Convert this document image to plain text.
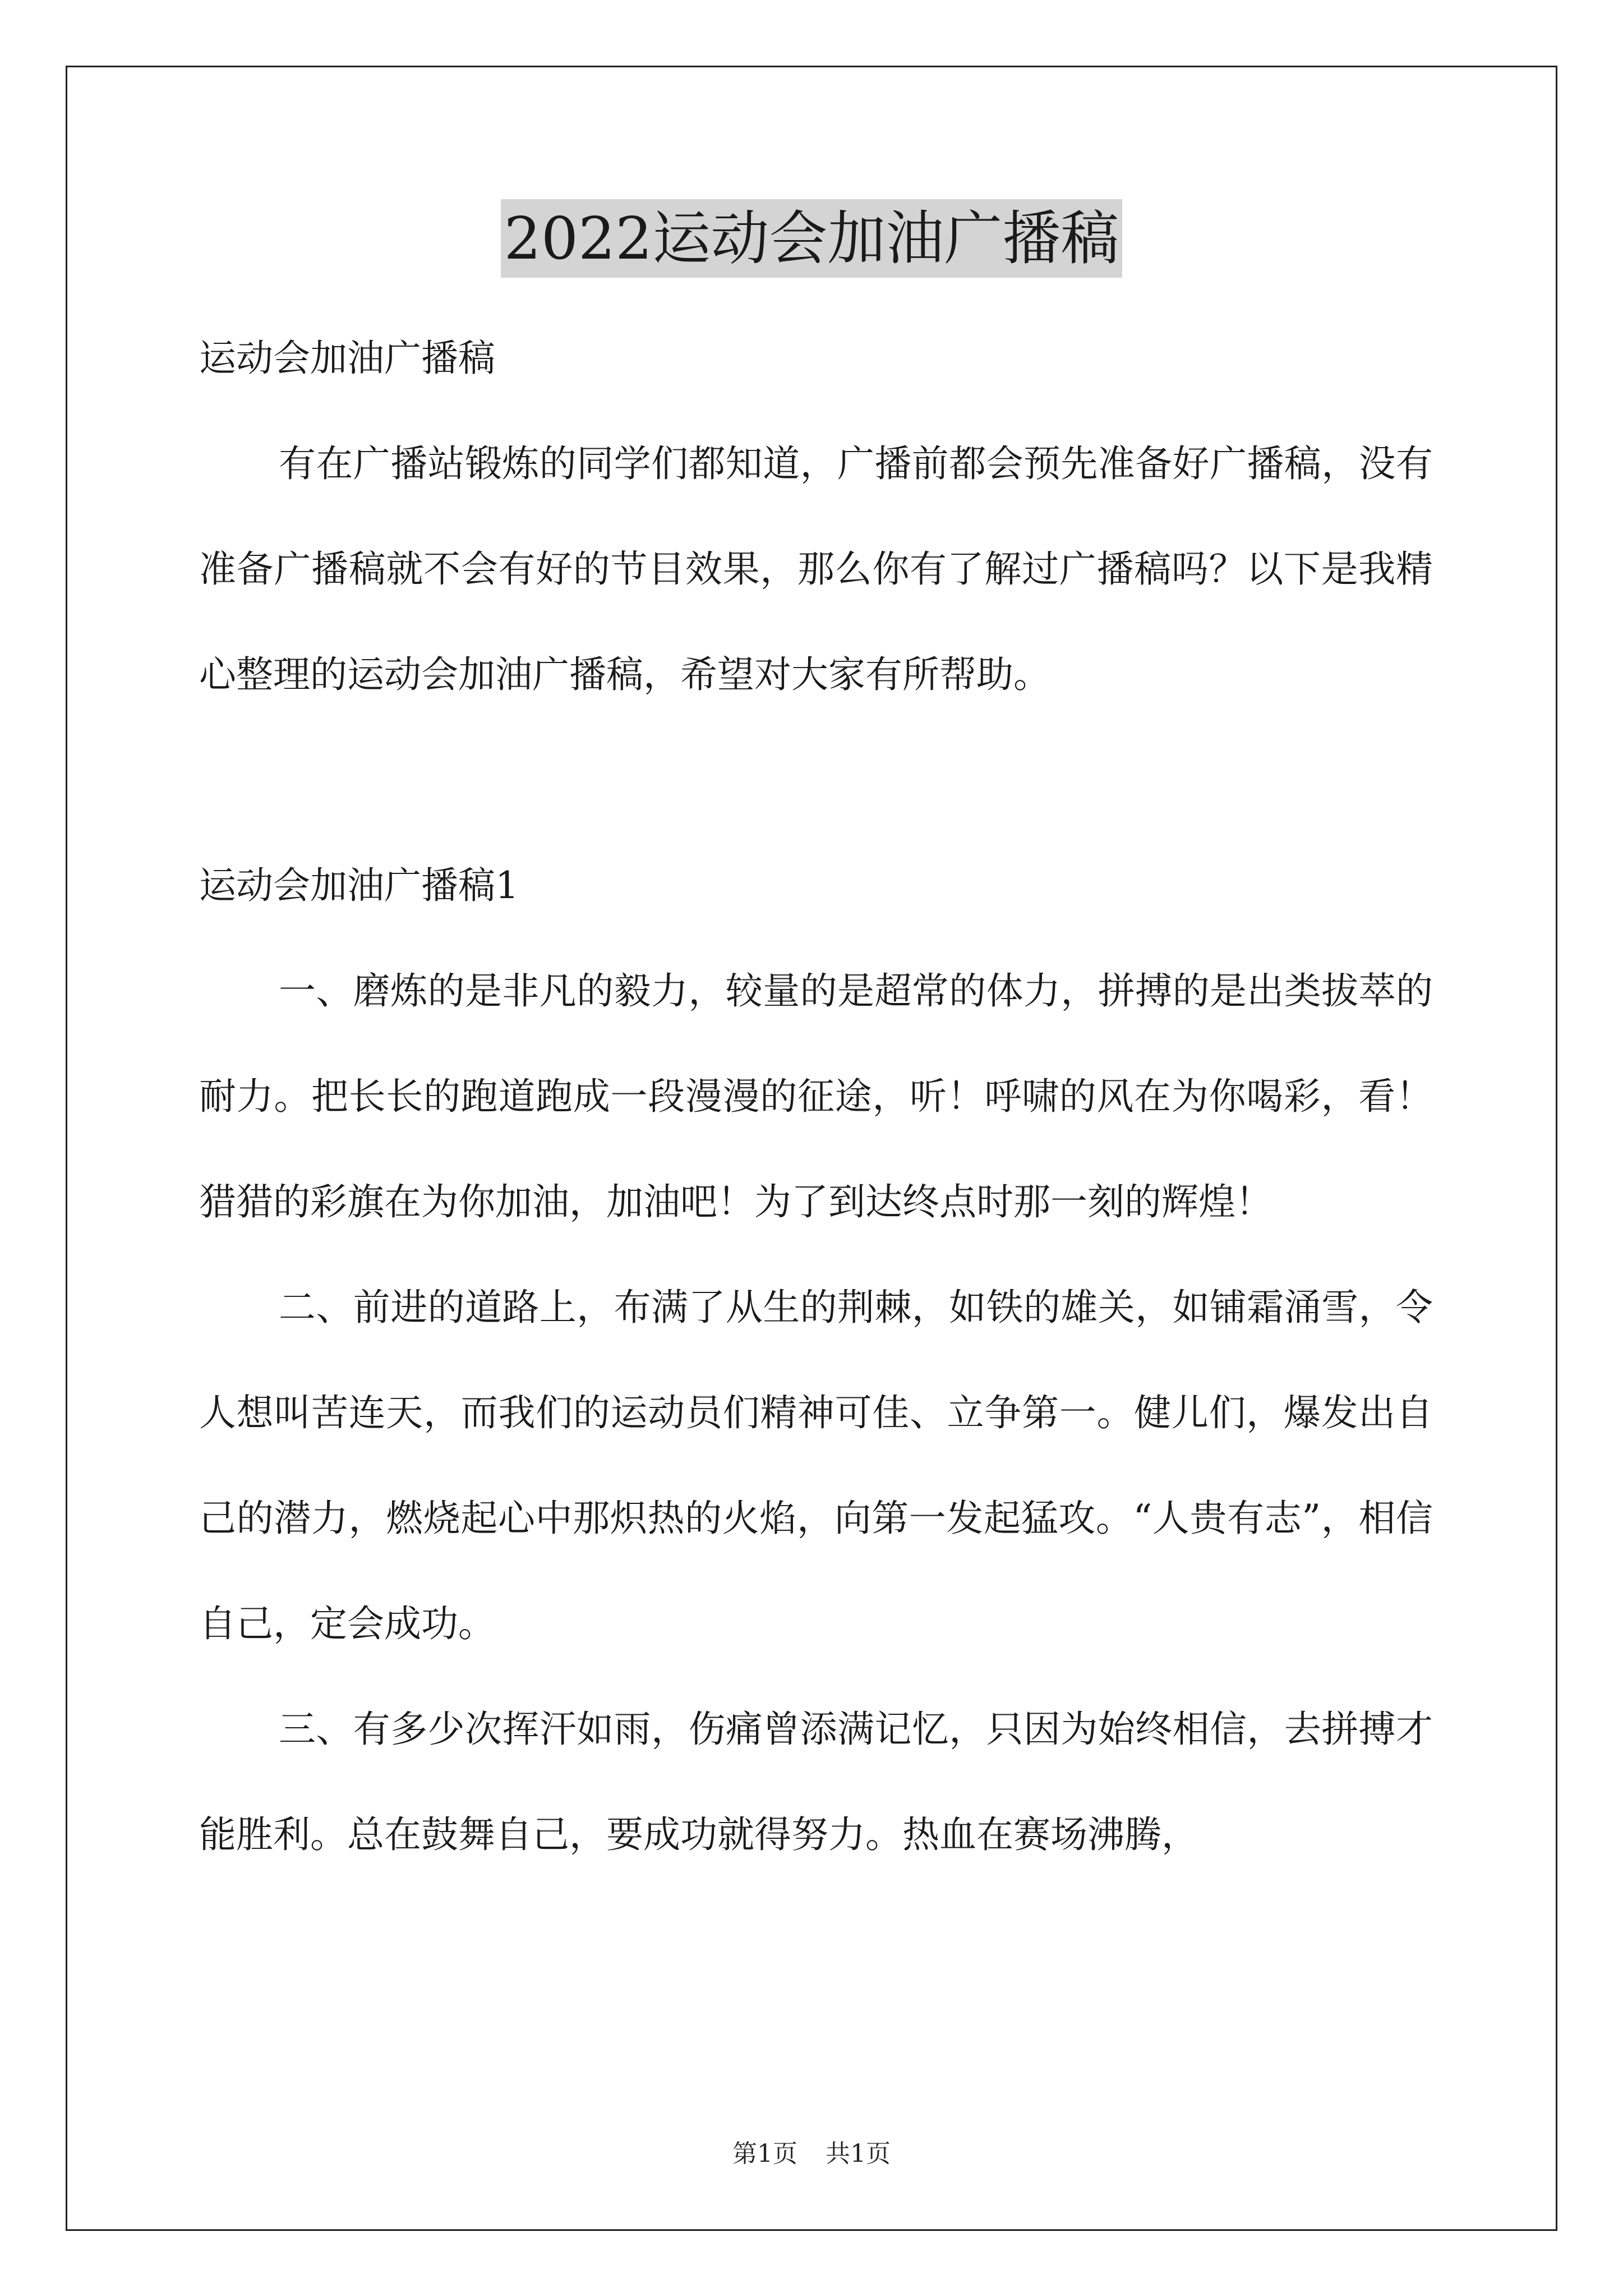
2022运动会加油广播稿

运动会加油广播稿

有在广播站锻炼的同学们都知道，广播前都会预先准备好广播稿，没有准备广播稿就不会有好的节目效果，那么你有了解过广播稿吗？以下是我精心整理的运动会加油广播稿，希望对大家有所帮助。

运动会加油广播稿1

一、磨炼的是非凡的毅力，较量的是超常的体力，拼搏的是出类拔萃的耐力。把长长的跑道跑成一段漫漫的征途，听！呼啸的风在为你喝彩，看！猎猎的彩旗在为你加油，加油吧！为了到达终点时那一刻的辉煌！

二、前进的道路上，布满了从生的荆棘，如铁的雄关，如铺霜涌雪，令人想叫苦连天，而我们的运动员们精神可佳、立争第一。健儿们，爆发出自己的潜力，燃烧起心中那炽热的火焰，向第一发起猛攻。“人贵有志”，相信自己，定会成功。

三、有多少次挥汗如雨，伤痛曾添满记忆，只因为始终相信，去拼搏才能胜利。总在鼓舞自己，要成功就得努力。热血在赛场沸腾，

第1页 共1页
